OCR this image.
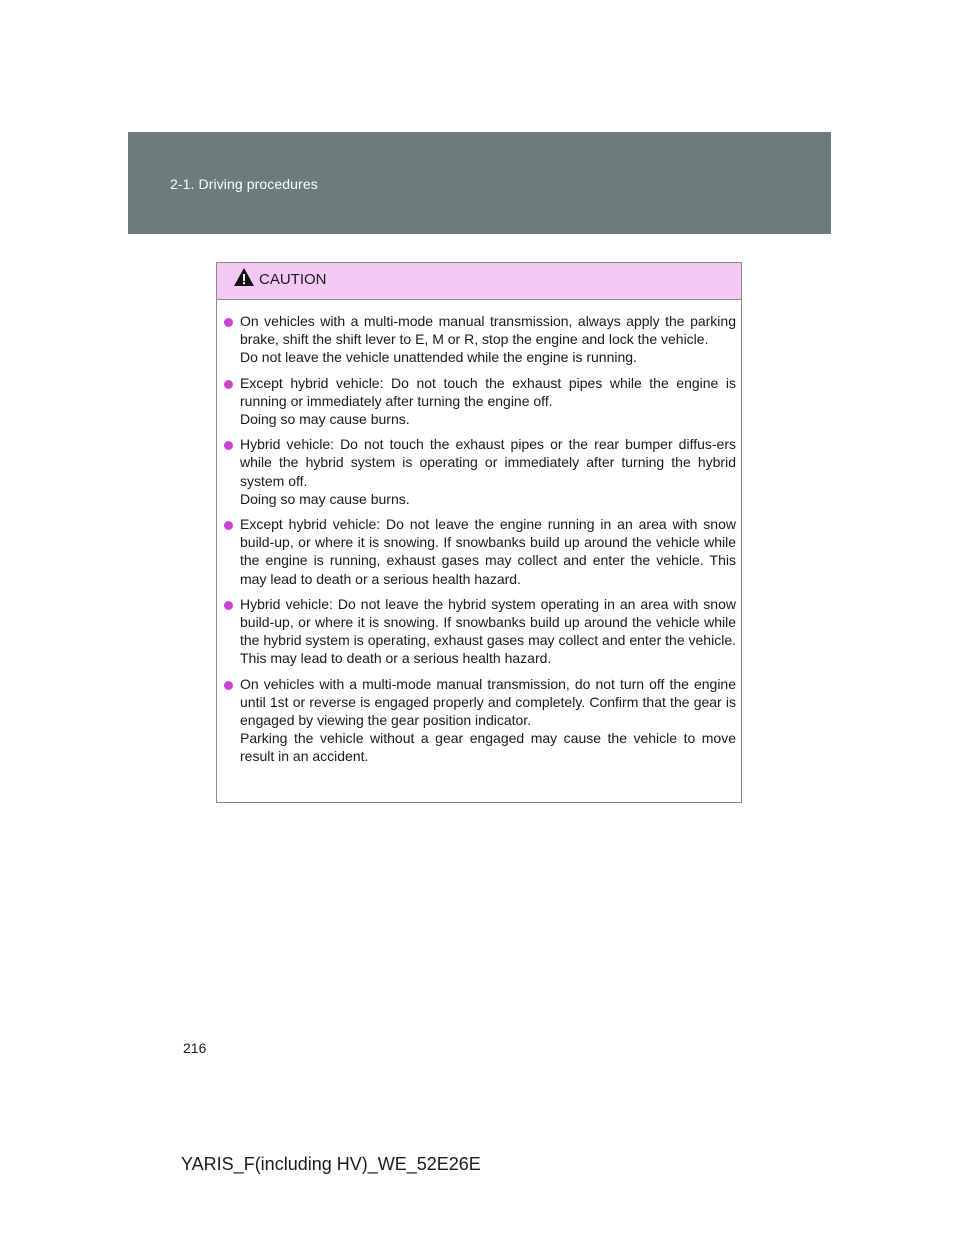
2-1. Driving procedures
CAUTION

On vehicles with a multi-mode manual transmission, always apply the parking brake, shift the shift lever to E, M or R, stop the engine and lock the vehicle.

Do not leave the vehicle unattended while the engine is running.

Except hybrid vehicle: Do not touch the exhaust pipes while the engine is running or immediately after turning the engine off.

Doing so may cause burns.

Hybrid vehicle: Do not touch the exhaust pipes or the rear bumper diffus-ers while the hybrid system is operating or immediately after turning the hybrid system off.

Doing so may cause burns.

Except hybrid vehicle: Do not leave the engine running in an area with snow build-up, or where it is snowing. If snowbanks build up around the vehicle while the engine is running, exhaust gases may collect and enter the vehicle. This may lead to death or a serious health hazard.

Hybrid vehicle: Do not leave the hybrid system operating in an area with snow build-up, or where it is snowing. If snowbanks build up around the vehicle while the hybrid system is operating, exhaust gases may collect and enter the vehicle. This may lead to death or a serious health hazard.

On vehicles with a multi-mode manual transmission, do not turn off the engine until 1st or reverse is engaged properly and completely. Confirm that the gear is engaged by viewing the gear position indicator.

Parking the vehicle without a gear engaged may cause the vehicle to move result in an accident.

216
YARIS_F(including HV)_WE_52E26E
